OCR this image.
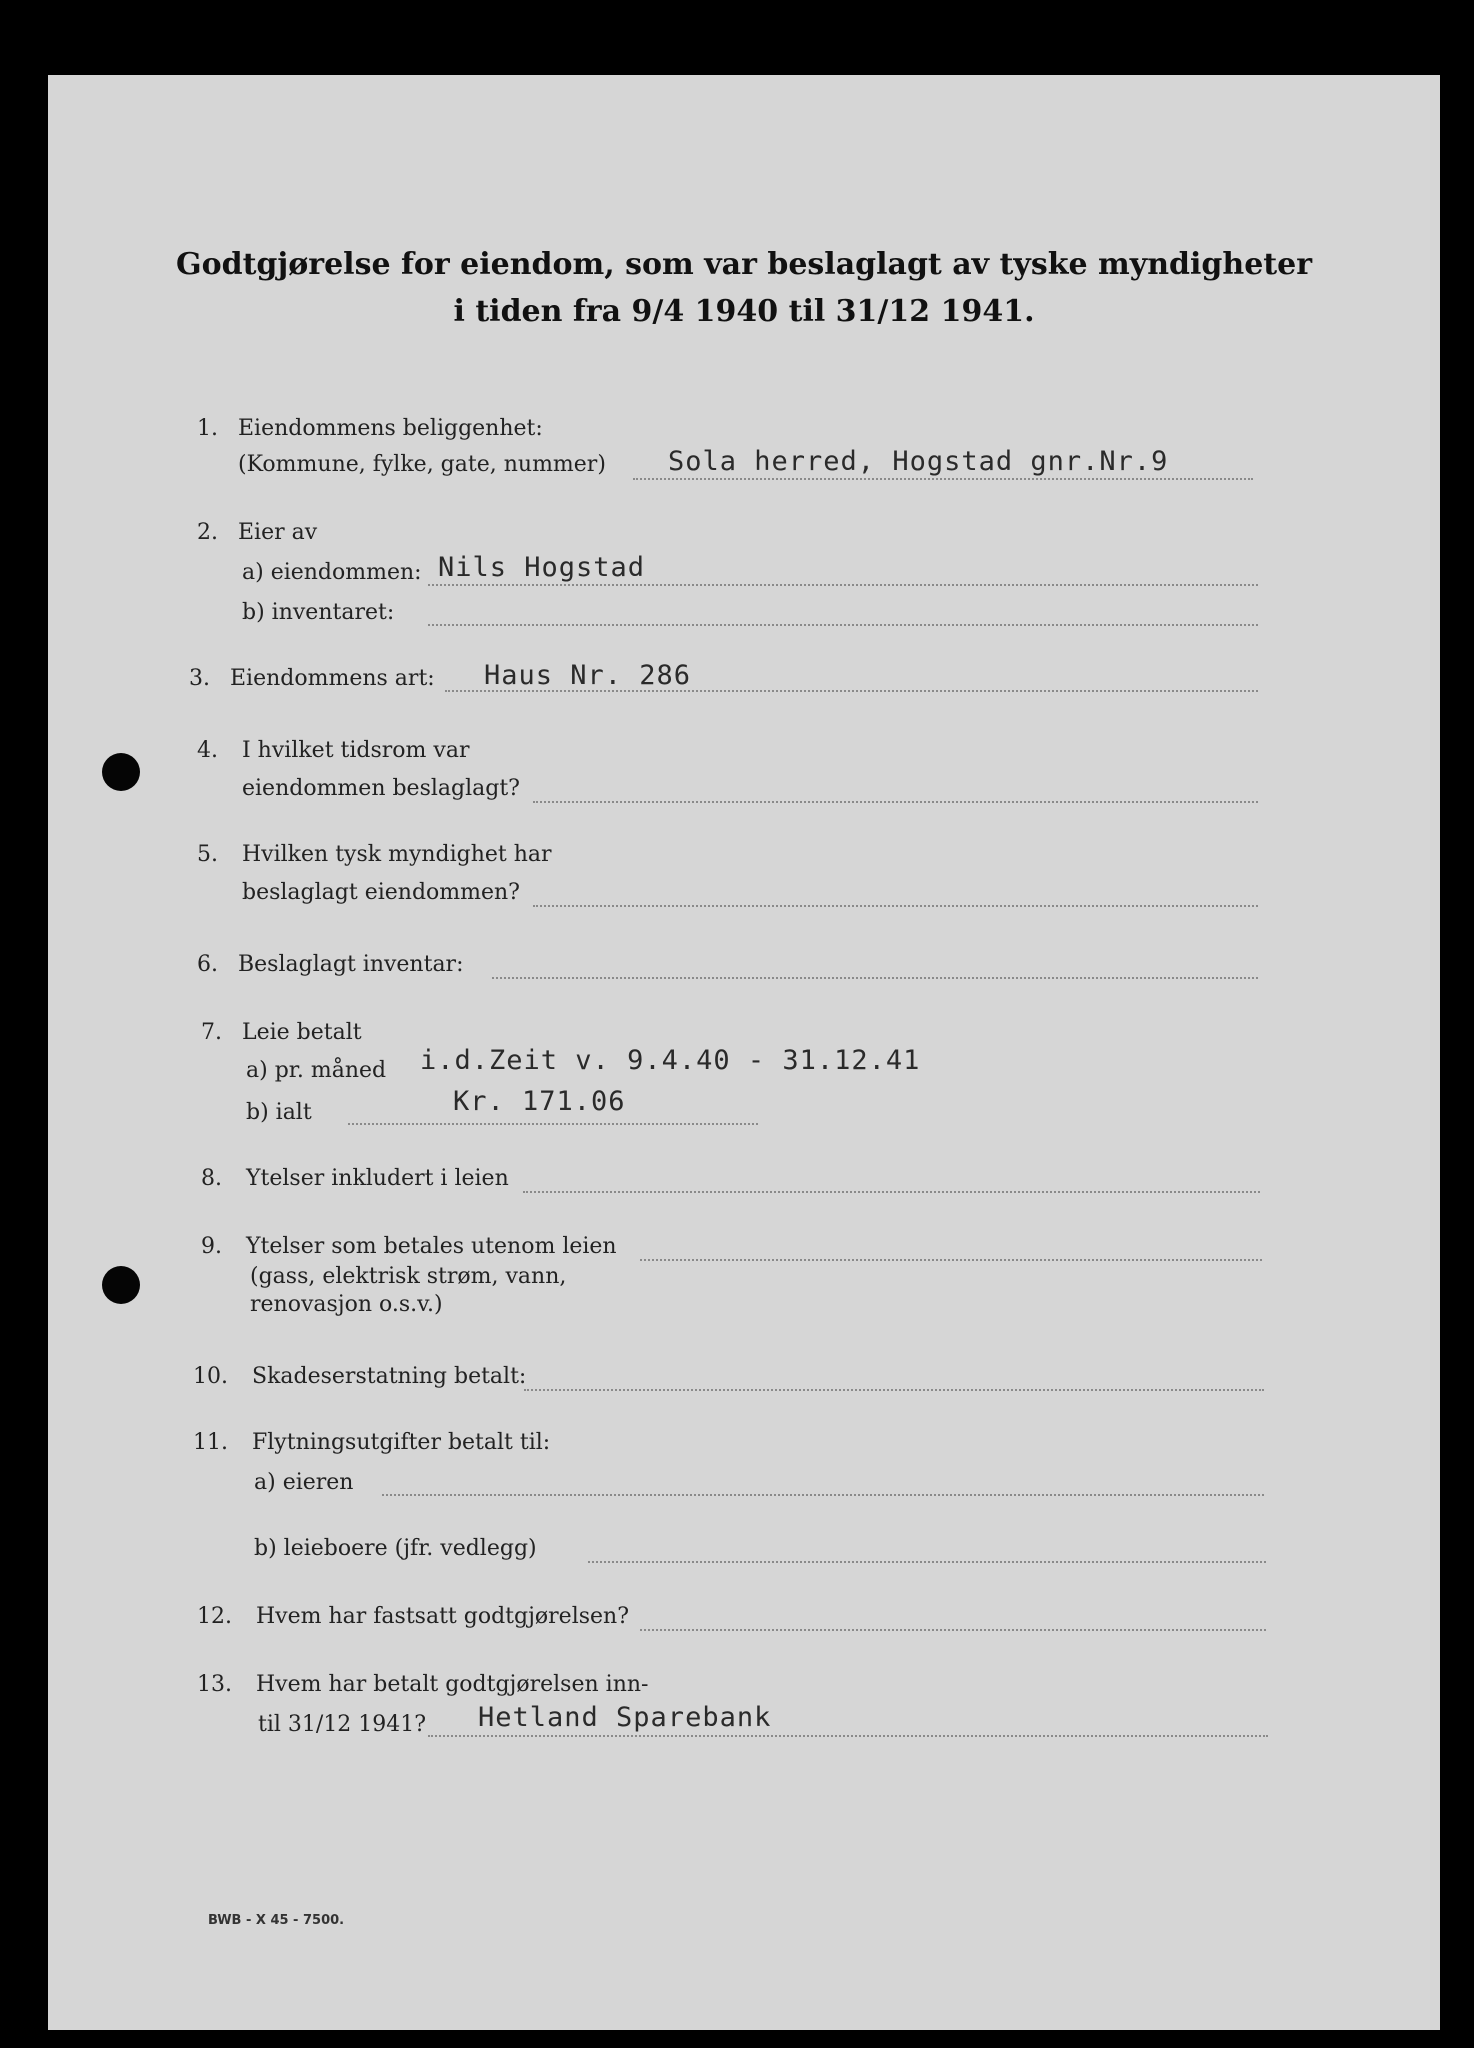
Godtgjørelse for eiendom, som var beslaglagt av tyske myndigheter
i tiden fra 9/4 1940 til 31/12 1941.
1. Eiendommens beliggenhet:
(Kommune, fylke, gate, nummer) Sola herred, Hogstad gnr.Nr.9
2. Eier av
a) eiendommen: Nils Hogstad
b) inventaret:
3. Eiendommens art: Haus Nr. 286
4. I hvilket tidsrom var
eiendommen beslaglagt?
5. Hvilken tysk myndighet har
beslaglagt eiendommen?
6. Beslaglagt inventar:
7. Leie betalt
a) pr. måned i.d.Zeit v. 9.4.40 - 31.12.41
b) ialt	Kr. 171.06
8. Ytelser inkludert i leien
9. Ytelser som betales utenom leien
(gass, elektrisk strøm, vann,
renovasjon o.s.v.)
10. Skadeserstatning betalt:
11. Flytningsutgifter betalt til:
a) eieren
b) leieboere (jfr. vedlegg)
12. Hvem har fastsatt godtgjørelsen?
13. Hvem har betalt godtgjørelsen inn-
til 31/12 1941? Hetland Sparebank
BWB - X 45 - 7500.
